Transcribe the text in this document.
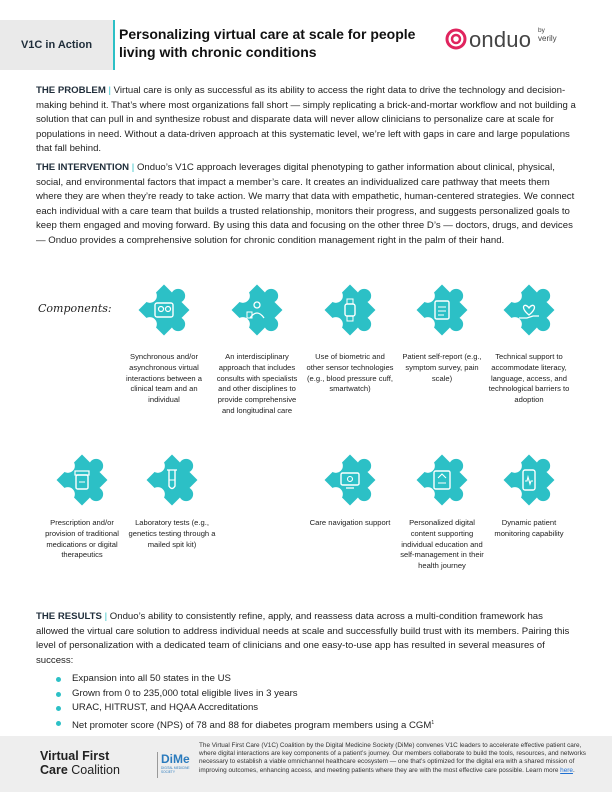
V1C in Action
Personalizing virtual care at scale for people living with chronic conditions	onduo by
verily
THE PROBLEM | Virtual care is only as successful as its ability to access the right data to drive the technology and decision-making behind it. That’s where most organizations fall short — simply replicating a brick-and-mortar workflow and not building a solution that can pull in and synthesize robust and disparate data will never allow clinicians to personalize care at scale for populations in need. Without a data-driven approach at this systematic level, we’re left with gaps in care and large populations that fall behind.
THE INTERVENTION | Onduo’s V1C approach leverages digital phenotyping to gather information about clinical, physical, social, and environmental factors that impact a member’s care. It creates an individualized care pathway that meets them where they are when they’re ready to take action. We marry that data with empathetic, human-centered strategies. We connect each individual with a care team that builds a trusted relationship, monitors their progress, and suggests personalized goals to keep them engaged and moving forward. By using this data and focusing on the other three D’s — doctors, drugs, and devices — Onduo provides a comprehensive solution for chronic condition management right in the palm of their hand.
Components:
Synchronous and/or asynchronous virtual interactions between a clinical team and an individual
An interdisciplinary approach that includes consults with specialists and other disciplines to provide comprehensive and longitudinal care
Use of biometric and other sensor technologies (e.g., blood pressure cuff, smartwatch)
Patient self-report (e.g., symptom survey, pain scale)
Technical support to accommodate literacy, language, access, and technological barriers to adoption
Prescription and/or provision of traditional medications or digital therapeutics
Laboratory tests (e.g., genetics testing through a mailed spit kit)
Care navigation support	Personalized digital content supporting individual education and self-management in their health journey
Dynamic patient monitoring capability
THE RESULTS | Onduo’s ability to consistently refine, apply, and reassess data across a multi-condition framework has allowed the virtual care solution to address individual needs at scale and successfully build trust with its members. Pairing this level of personalization with a dedicated team of clinicians and one easy-to-use app has resulted in several measures of success:
Expansion into all 50 states in the US
Grown from 0 to 235,000 total eligible lives in 3 years
URAC, HITRUST, and HQAA Accreditations
Net promoter score (NPS) of 78 and 88 for diabetes program members using a CGM$^1$
Virtual First
Care Coalition
DiMe
DIGITAL MEDICINE SOCIETY
The Virtual First Care (V1C) Coalition by the Digital Medicine Society (DiMe) convenes V1C leaders to accelerate effective patient care, where digital interactions are key components of a patient’s journey. Our members collaborate to build the tools, resources, and networks necessary to establish a viable omnichannel healthcare ecosystem — one that’s optimized for the digital era with a shared mission of improving outcomes, enhancing access, and meeting patients where they are with the most effective care possible. Learn more here.
